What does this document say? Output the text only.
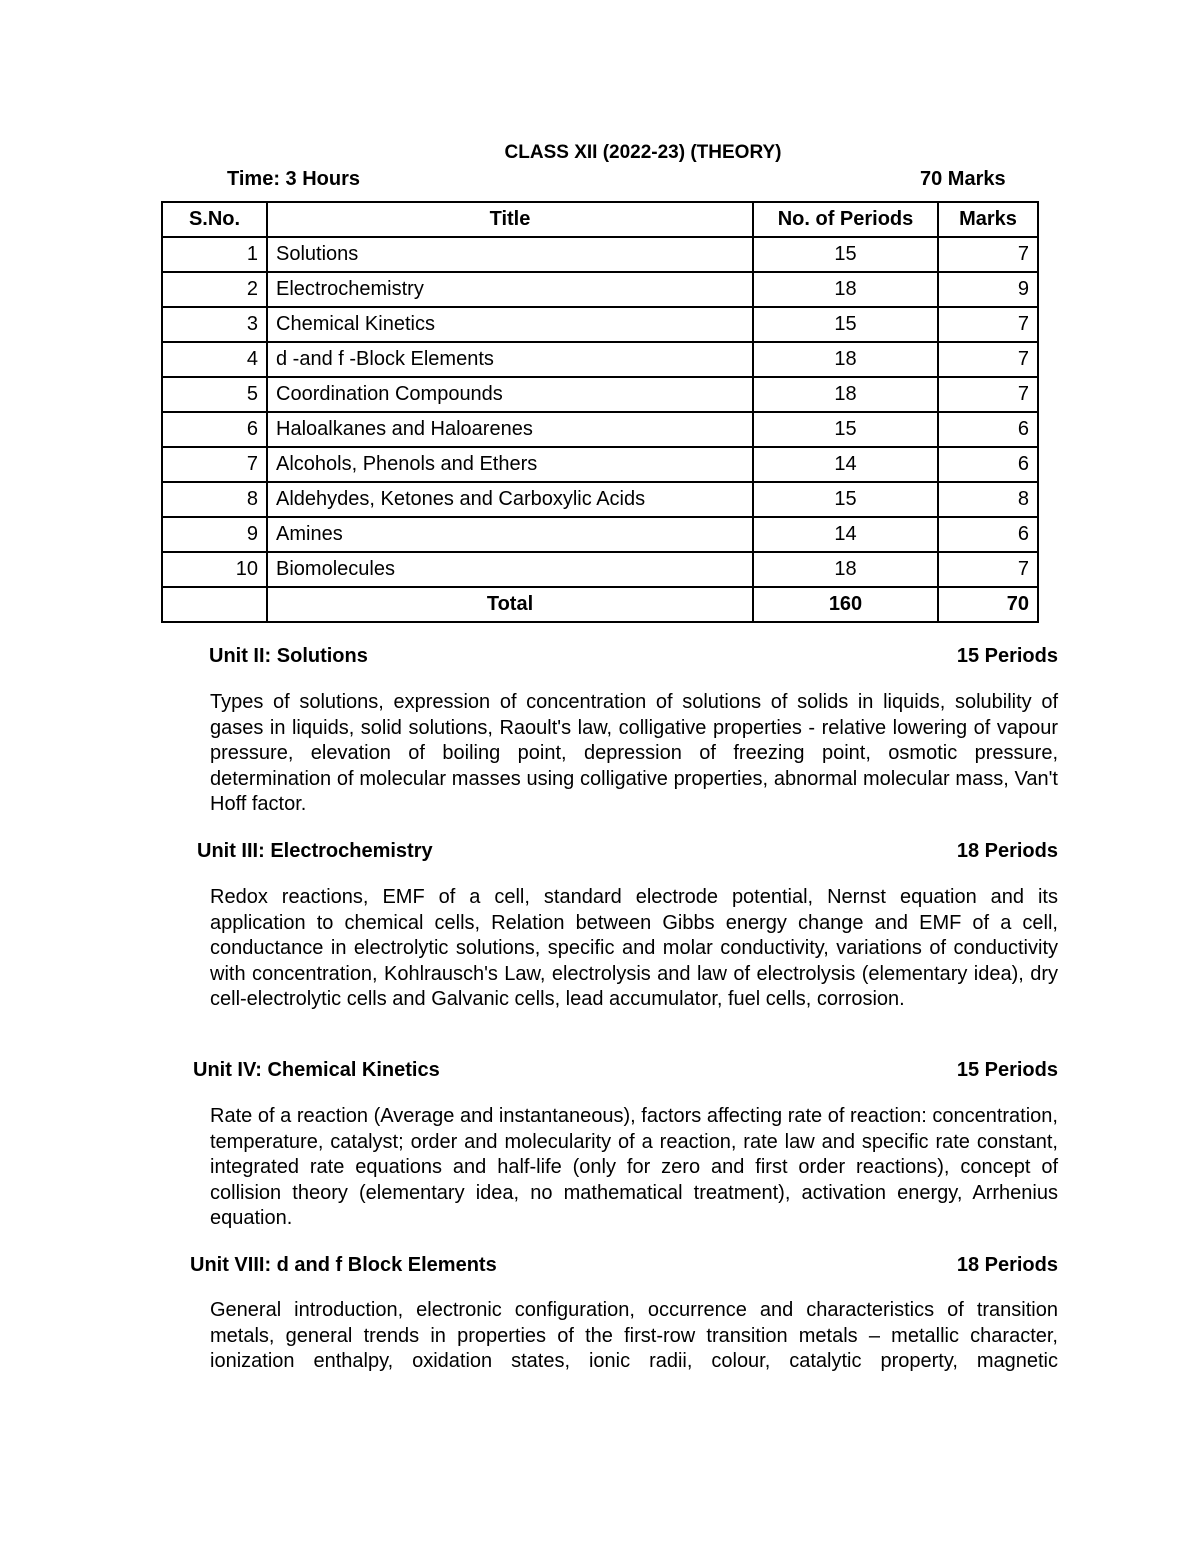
CLASS XII (2022-23) (THEORY)
Time: 3 Hours	70 Marks
S.No.	Title	No. of Periods	Marks
1	Solutions	15	7
2	Electrochemistry	18	9
3	Chemical Kinetics	15	7
4	d -and f -Block Elements	18	7
5	Coordination Compounds	18	7
6	Haloalkanes and Haloarenes	15	6
7	Alcohols, Phenols and Ethers	14	6
8	Aldehydes, Ketones and Carboxylic Acids	15	8
9	Amines	14	6
10	Biomolecules	18	7
	Total	160	70
Unit II: Solutions	15 Periods

Types of solutions, expression of concentration of solutions of solids in liquids, solubility of gases in liquids, solid solutions, Raoult's law, colligative properties - relative lowering of vapour pressure, elevation of boiling point, depression of freezing point, osmotic pressure, determination of molecular masses using colligative properties, abnormal molecular mass, Van't Hoff factor.

Unit III: Electrochemistry	18 Periods

Redox reactions, EMF of a cell, standard electrode potential, Nernst equation and its application to chemical cells, Relation between Gibbs energy change and EMF of a cell, conductance in electrolytic solutions, specific and molar conductivity, variations of conductivity with concentration, Kohlrausch's Law, electrolysis and law of electrolysis (elementary idea), dry cell-electrolytic cells and Galvanic cells, lead accumulator, fuel cells, corrosion.

Unit IV: Chemical Kinetics	15 Periods

Rate of a reaction (Average and instantaneous), factors affecting rate of reaction: concentration, temperature, catalyst; order and molecularity of a reaction, rate law and specific rate constant, integrated rate equations and half-life (only for zero and first order reactions), concept of collision theory (elementary idea, no mathematical treatment), activation energy, Arrhenius equation.

Unit VIII: d and f Block Elements	18 Periods

General introduction, electronic configuration, occurrence and characteristics of transition metals, general trends in properties of the first-row transition metals – metallic character, ionization enthalpy, oxidation states, ionic radii, colour, catalytic property, magnetic
